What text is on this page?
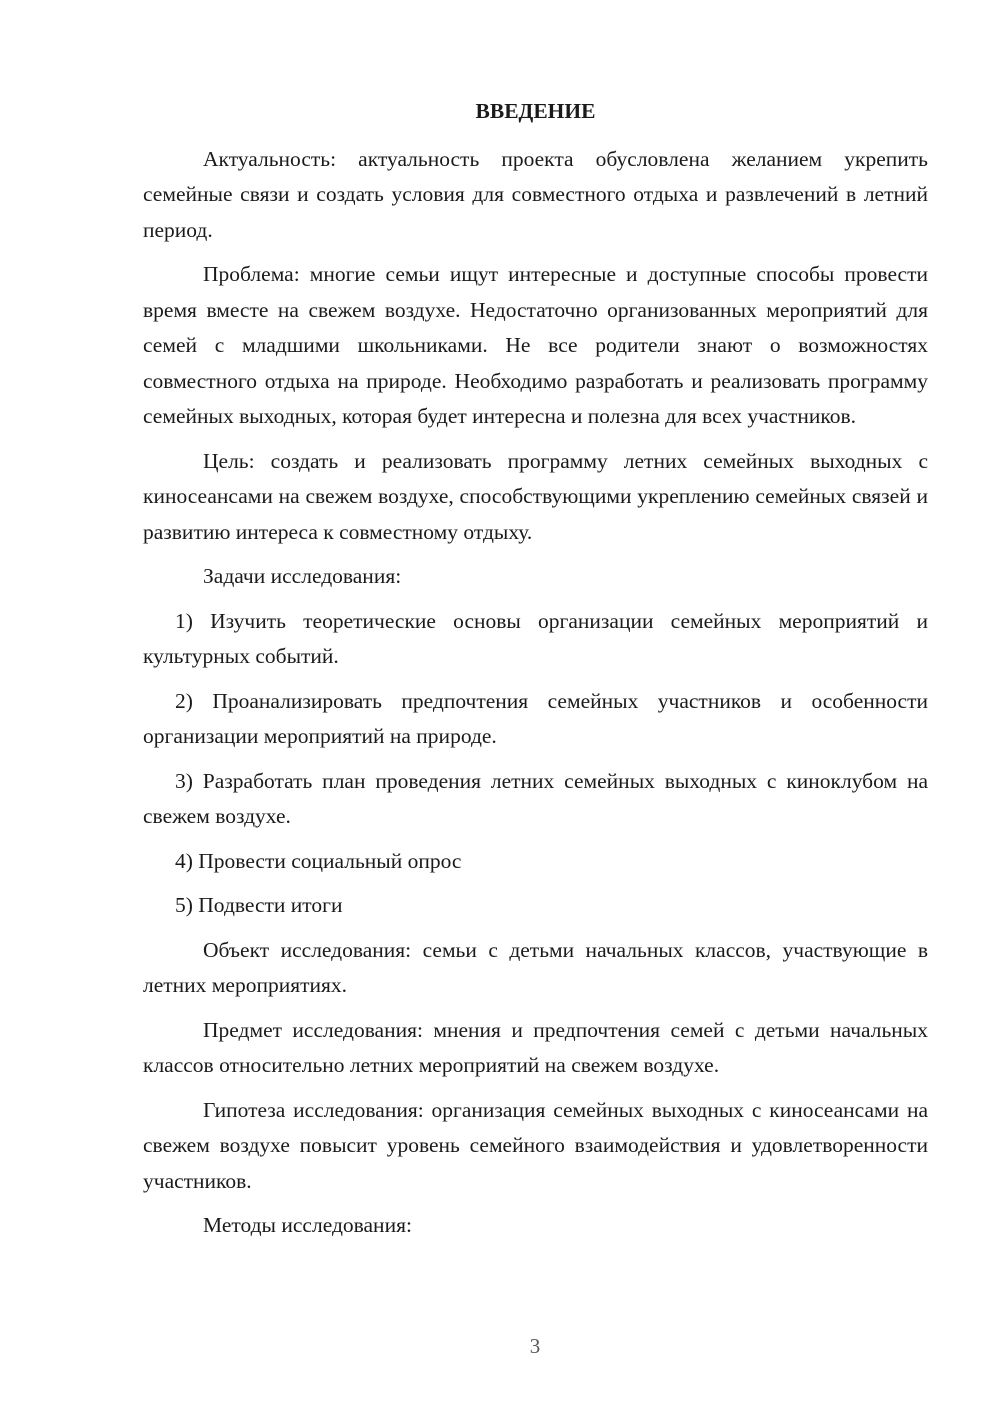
ВВЕДЕНИЕ

Актуальность: актуальность проекта обусловлена желанием укрепить семейные связи и создать условия для совместного отдыха и развлечений в летний период.

Проблема: многие семьи ищут интересные и доступные способы провести время вместе на свежем воздухе. Недостаточно организованных мероприятий для семей с младшими школьниками. Не все родители знают о возможностях совместного отдыха на природе. Необходимо разработать и реализовать программу семейных выходных, которая будет интересна и полезна для всех участников.

Цель: создать и реализовать программу летних семейных выходных с киносеансами на свежем воздухе, способствующими укреплению семейных связей и развитию интереса к совместному отдыху.

Задачи исследования:

1) Изучить теоретические основы организации семейных мероприятий и культурных событий.

2) Проанализировать предпочтения семейных участников и особенности организации мероприятий на природе.

3) Разработать план проведения летних семейных выходных с киноклубом на свежем воздухе.

4) Провести социальный опрос

5) Подвести итоги

Объект исследования: семьи с детьми начальных классов, участвующие в летних мероприятиях.

Предмет исследования: мнения и предпочтения семей с детьми начальных классов относительно летних мероприятий на свежем воздухе.

Гипотеза исследования: организация семейных выходных с киносеансами на свежем воздухе повысит уровень семейного взаимодействия и удовлетворенности участников.

Методы исследования:

3
